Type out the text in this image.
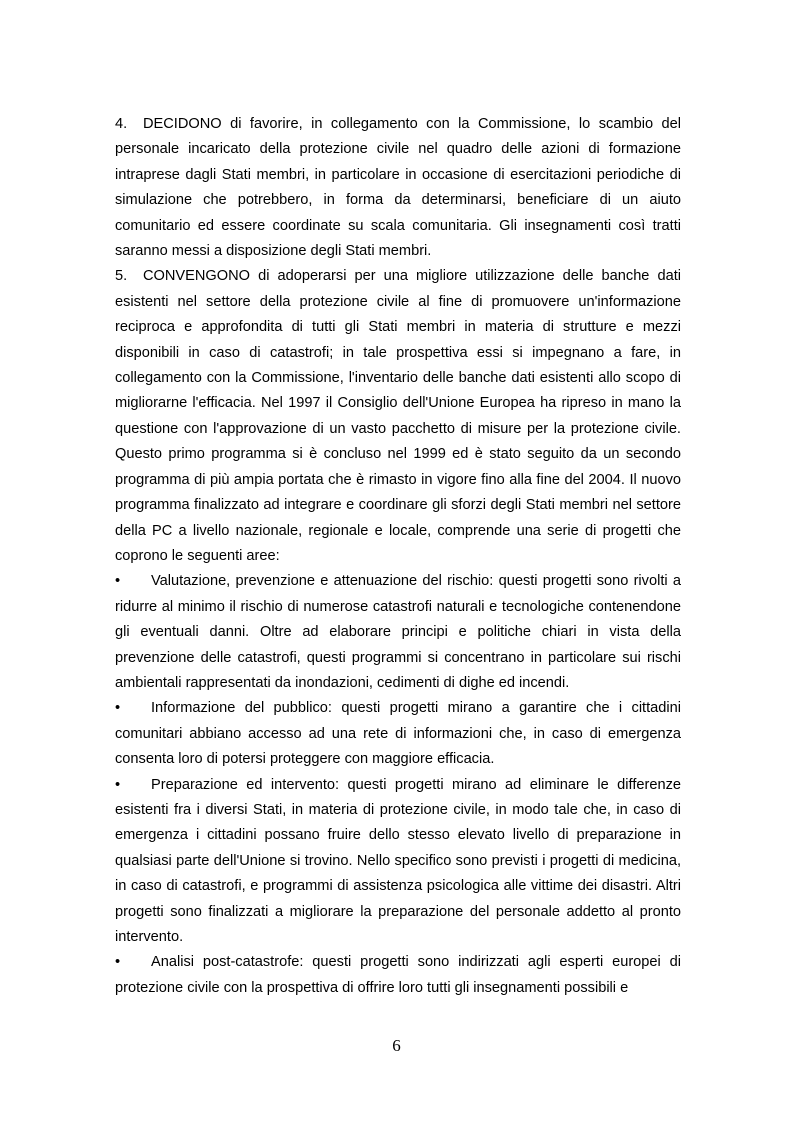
4. DECIDONO di favorire, in collegamento con la Commissione, lo scambio del personale incaricato della protezione civile nel quadro delle azioni di formazione intraprese dagli Stati membri, in particolare in occasione di esercitazioni periodiche di simulazione che potrebbero, in forma da determinarsi, beneficiare di un aiuto comunitario ed essere coordinate su scala comunitaria. Gli insegnamenti così tratti saranno messi a disposizione degli Stati membri.

5. CONVENGONO di adoperarsi per una migliore utilizzazione delle banche dati esistenti nel settore della protezione civile al fine di promuovere un'informazione reciproca e approfondita di tutti gli Stati membri in materia di strutture e mezzi disponibili in caso di catastrofi; in tale prospettiva essi si impegnano a fare, in collegamento con la Commissione, l'inventario delle banche dati esistenti allo scopo di migliorarne l'efficacia. Nel 1997 il Consiglio dell'Unione Europea ha ripreso in mano la questione con l'approvazione di un vasto pacchetto di misure per la protezione civile. Questo primo programma si è concluso nel 1999 ed è stato seguito da un secondo programma di più ampia portata che è rimasto in vigore fino alla fine del 2004. Il nuovo programma finalizzato ad integrare e coordinare gli sforzi degli Stati membri nel settore della PC a livello nazionale, regionale e locale, comprende una serie di progetti che coprono le seguenti aree:

• Valutazione, prevenzione e attenuazione del rischio: questi progetti sono rivolti a ridurre al minimo il rischio di numerose catastrofi naturali e tecnologiche contenendone gli eventuali danni. Oltre ad elaborare principi e politiche chiari in vista della prevenzione delle catastrofi, questi programmi si concentrano in particolare sui rischi ambientali rappresentati da inondazioni, cedimenti di dighe ed incendi.

• Informazione del pubblico: questi progetti mirano a garantire che i cittadini comunitari abbiano accesso ad una rete di informazioni che, in caso di emergenza consenta loro di potersi proteggere con maggiore efficacia.

• Preparazione ed intervento: questi progetti mirano ad eliminare le differenze esistenti fra i diversi Stati, in materia di protezione civile, in modo tale che, in caso di emergenza i cittadini possano fruire dello stesso elevato livello di preparazione in qualsiasi parte dell'Unione si trovino. Nello specifico sono previsti i progetti di medicina, in caso di catastrofi, e programmi di assistenza psicologica alle vittime dei disastri. Altri progetti sono finalizzati a migliorare la preparazione del personale addetto al pronto intervento.

• Analisi post-catastrofe: questi progetti sono indirizzati agli esperti europei di protezione civile con la prospettiva di offrire loro tutti gli insegnamenti possibili e

6
